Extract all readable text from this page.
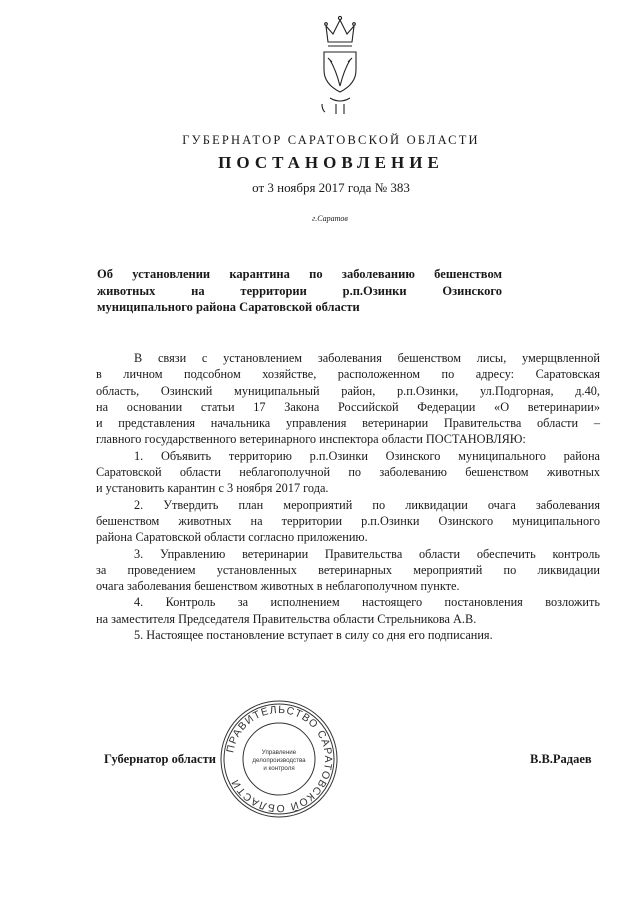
ГУБЕРНАТОР САРАТОВСКОЙ ОБЛАСТИ
ПОСТАНОВЛЕНИЕ
от 3 ноября 2017 года № 383
г.Саратов
Об установлении карантина по заболеванию бешенством
животных на территории р.п.Озинки Озинского
муниципального района Саратовской области
В связи с установлением заболевания бешенством лисы, умерщвленной
в личном подсобном хозяйстве, расположенном по адресу: Саратовская
область, Озинский муниципальный район, р.п.Озинки, ул.Подгорная, д.40,
на основании статьи 17 Закона Российской Федерации «О ветеринарии»
и представления начальника управления ветеринарии Правительства области –
главного государственного ветеринарного инспектора области ПОСТАНОВЛЯЮ:
1. Объявить территорию р.п.Озинки Озинского муниципального района
Саратовской области неблагополучной по заболеванию бешенством животных
и установить карантин с 3 ноября 2017 года.
2. Утвердить план мероприятий по ликвидации очага заболевания
бешенством животных на территории р.п.Озинки Озинского муниципального
района Саратовской области согласно приложению.
3. Управлению ветеринарии Правительства области обеспечить контроль
за проведением установленных ветеринарных мероприятий по ликвидации
очага заболевания бешенством животных в неблагополучном пункте.
4. Контроль за исполнением настоящего постановления возложить
на заместителя Председателя Правительства области Стрельникова А.В.
5. Настоящее постановление вступает в силу со дня его подписания.
Губернатор области	В.В.Радаев
ПРАВИТЕЛЬСТВО САРАТОВСКОЙ ОБЛАСТИ
Управление
делопроизводства
и контроля
